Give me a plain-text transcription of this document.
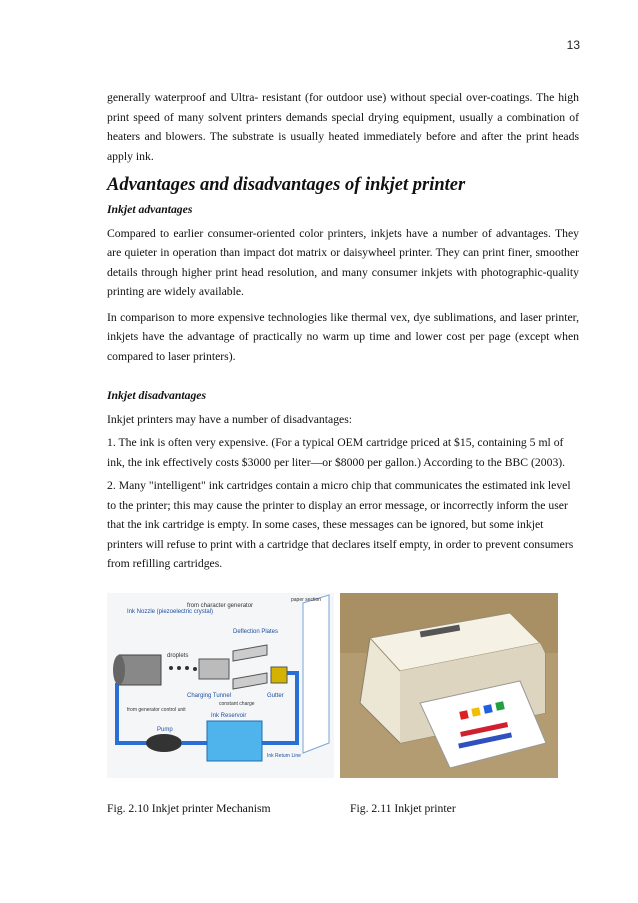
13

generally waterproof and Ultra- resistant (for outdoor use) without special over-coatings. The high print speed of many solvent printers demands special drying equipment, usually a combination of heaters and blowers. The substrate is usually heated immediately before and after the print heads apply ink.

Advantages and disadvantages of inkjet printer
Inkjet advantages

Compared to earlier consumer-oriented color printers, inkjets have a number of advantages. They are quieter in operation than impact dot matrix or daisywheel printer. They can print finer, smoother details through higher print head resolution, and many consumer inkjets with photographic-quality printing are widely available.

In comparison to more expensive technologies like thermal vex, dye sublimations, and laser printer, inkjets have the advantage of practically no warm up time and lower cost per page (except when compared to laser printers).

Inkjet disadvantages

Inkjet printers may have a number of disadvantages:

1. The ink is often very expensive. (For a typical OEM cartridge priced at $15, containing 5 ml of ink, the ink effectively costs $3000 per liter—or $8000 per gallon.) According to the BBC (2003).

2. Many "intelligent" ink cartridges contain a micro chip that communicates the estimated ink level to the printer; this may cause the printer to display an error message, or incorrectly inform the user that the ink cartridge is empty. In some cases, these messages can be ignored, but some inkjet printers will refuse to print with a cartridge that declares itself empty, in order to prevent consumers from refilling cartridges.

Ink Nozzle (piezoelectric crystal)
from character generator
droplets
Deflection Plates
Charging Tunnel
paper section
from generator control unit
constant charge
Gutter
Pump
Ink Reservoir
Ink Return Line
Fig. 2.10 Inkjet printer Mechanism	Fig. 2.11 Inkjet printer
